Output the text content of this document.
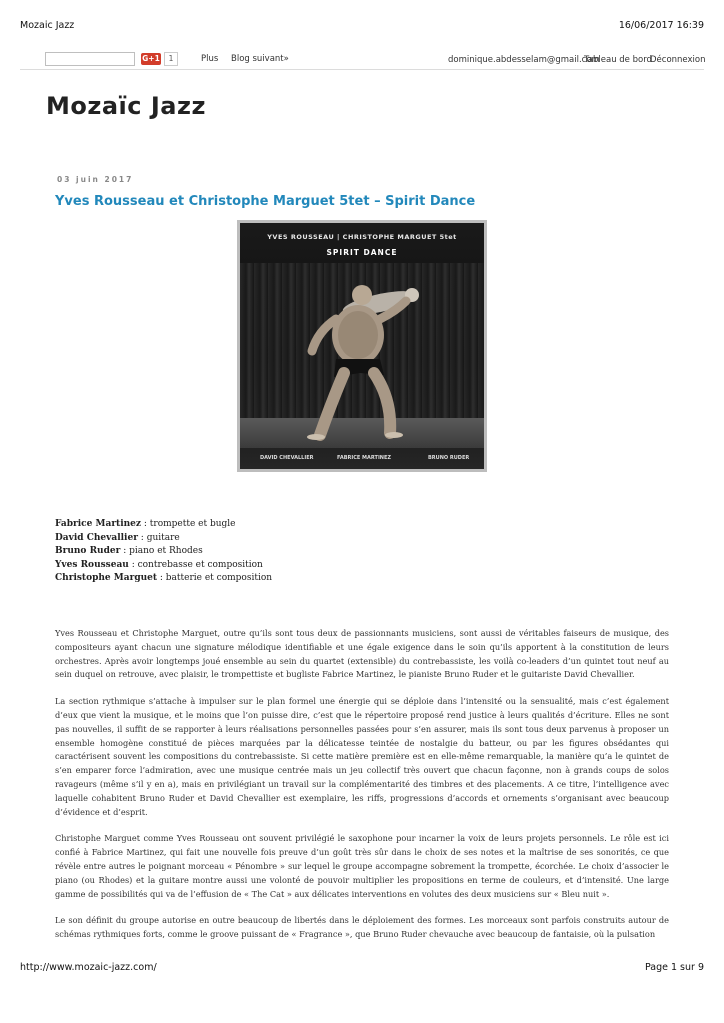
Mozaic Jazz	16/06/2017 16:39
G+1	1	Plus Blog suivant»	dominique.abdesselam@gmail.com
Tableau de bord
Déconnexion
Mozaïc Jazz
03 juin 2017
Yves Rousseau et Christophe Marguet 5tet – Spirit Dance
YVES ROUSSEAU | CHRISTOPHE MARGUET 5tet
SPIRIT DANCE
DAVID CHEVALLIER	FABRICE MARTINEZ	BRUNO RUDER
Fabrice Martinez : trompette et bugle
David Chevallier : guitare
Bruno Ruder : piano et Rhodes
Yves Rousseau : contrebasse et composition
Christophe Marguet : batterie et composition

Yves Rousseau et Christophe Marguet, outre qu’ils sont tous deux de passionnants musiciens, sont aussi de véritables faiseurs de musique, des compositeurs ayant chacun une signature mélodique identifiable et une égale exigence dans le soin qu’ils apportent à la constitution de leurs orchestres. Après avoir longtemps joué ensemble au sein du quartet (extensible) du contrebassiste, les voilà co-leaders d’un quintet tout neuf au sein duquel on retrouve, avec plaisir, le trompettiste et bugliste Fabrice Martinez, le pianiste Bruno Ruder et le guitariste David Chevallier.

La section rythmique s’attache à impulser sur le plan formel une énergie qui se déploie dans l’intensité ou la sensualité, mais c’est également d’eux que vient la musique, et le moins que l’on puisse dire, c’est que le répertoire proposé rend justice à leurs qualités d’écriture. Elles ne sont pas nouvelles, il suffit de se rapporter à leurs réalisations personnelles passées pour s’en assurer, mais ils sont tous deux parvenus à proposer un ensemble homogène constitué de pièces marquées par la délicatesse teintée de nostalgie du batteur, ou par les figures obsédantes qui caractérisent souvent les compositions du contrebassiste. Si cette matière première est en elle-même remarquable, la manière qu’a le quintet de s’en emparer force l’admiration, avec une musique centrée mais un jeu collectif très ouvert que chacun façonne, non à grands coups de solos ravageurs (même s’il y en a), mais en privilégiant un travail sur la complémentarité des timbres et des placements. A ce titre, l’intelligence avec laquelle cohabitent Bruno Ruder et David Chevallier est exemplaire, les riffs, progressions d’accords et ornements s’organisant avec beaucoup d’évidence et d’esprit.

Christophe Marguet comme Yves Rousseau ont souvent privilégié le saxophone pour incarner la voix de leurs projets personnels. Le rôle est ici confié à Fabrice Martinez, qui fait une nouvelle fois preuve d’un goût très sûr dans le choix de ses notes et la maîtrise de ses sonorités, ce que révèle entre autres le poignant morceau « Pénombre » sur lequel le groupe accompagne sobrement la trompette, écorchée. Le choix d’associer le piano (ou Rhodes) et la guitare montre aussi une volonté de pouvoir multiplier les propositions en terme de couleurs, et d’intensité. Une large gamme de possibilités qui va de l’effusion de « The Cat » aux délicates interventions en volutes des deux musiciens sur « Bleu nuit ».

Le son définit du groupe autorise en outre beaucoup de libertés dans le déploiement des formes. Les morceaux sont parfois construits autour de schémas rythmiques forts, comme le groove puissant de « Fragrance », que Bruno Ruder chevauche avec beaucoup de fantaisie, où la pulsation

http://www.mozaic-jazz.com/	Page 1 sur 9
